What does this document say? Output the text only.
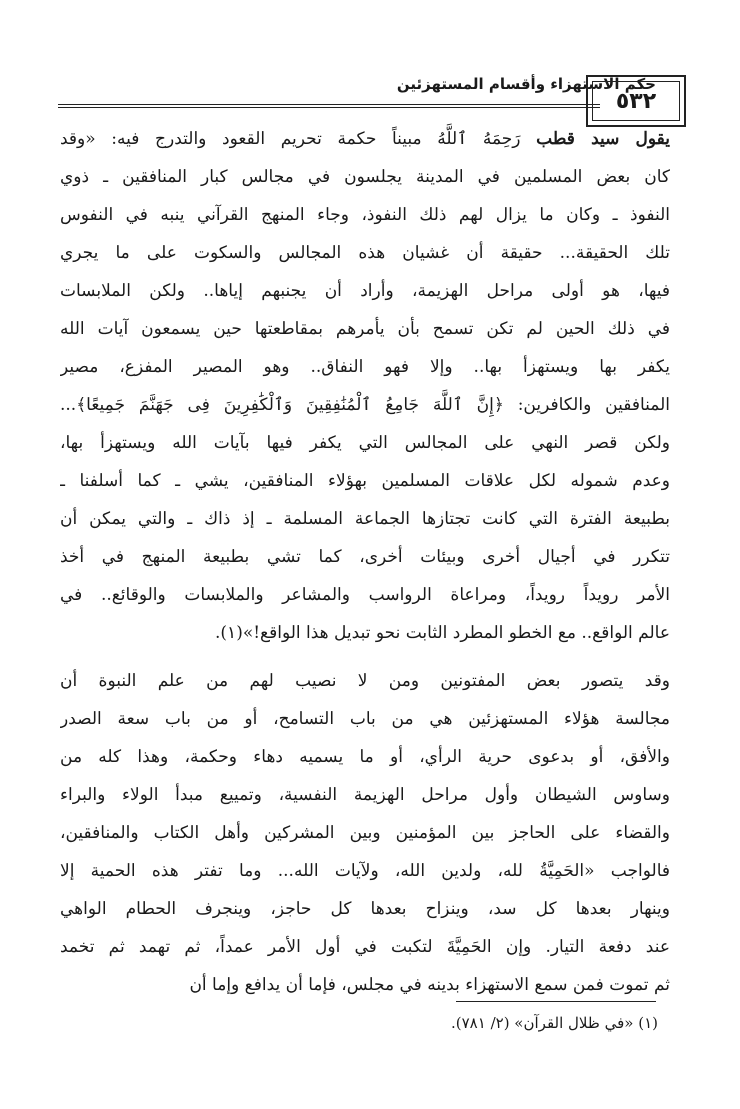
حكم الاستهزاء وأقسام المستهزئين
٥٣٢
يقول سيد قطب رَحِمَهُ ٱللَّهُ مبيناً حكمة تحريم القعود والتدرج فيه: «وقد
كان بعض المسلمين في المدينة يجلسون في مجالس كبار المنافقين ـ ذوي
النفوذ ـ وكان ما يزال لهم ذلك النفوذ، وجاء المنهج القرآني ينبه في النفوس
تلك الحقيقة... حقيقة أن غشيان هذه المجالس والسكوت على ما يجري
فيها، هو أولى مراحل الهزيمة، وأراد أن يجنبهم إياها.. ولكن الملابسات
في ذلك الحين لم تكن تسمح بأن يأمرهم بمقاطعتها حين يسمعون آيات الله
يكفر بها ويستهزأ بها.. وإلا فهو النفاق.. وهو المصير المفزع، مصير
المنافقين والكافرين: ﴿إِنَّ ٱللَّهَ جَامِعُ ٱلْمُنَٰفِقِينَ وَٱلْكَٰفِرِينَ فِى جَهَنَّمَ جَمِيعًا﴾...
ولكن قصر النهي على المجالس التي يكفر فيها بآيات الله ويستهزأ بها،
وعدم شموله لكل علاقات المسلمين بهؤلاء المنافقين، يشي ـ كما أسلفنا ـ
بطبيعة الفترة التي كانت تجتازها الجماعة المسلمة ـ إذ ذاك ـ والتي يمكن أن
تتكرر في أجيال أخرى وبيئات أخرى، كما تشي بطبيعة المنهج في أخذ
الأمر رويداً رويداً، ومراعاة الرواسب والمشاعر والملابسات والوقائع.. في
عالم الواقع.. مع الخطو المطرد الثابت نحو تبديل هذا الواقع!»(١).
وقد يتصور بعض المفتونين ومن لا نصيب لهم من علم النبوة أن
مجالسة هؤلاء المستهزئين هي من باب التسامح، أو من باب سعة الصدر
والأفق، أو بدعوى حرية الرأي، أو ما يسميه دهاء وحكمة، وهذا كله من
وساوس الشيطان وأول مراحل الهزيمة النفسية، وتمييع مبدأ الولاء والبراء
والقضاء على الحاجز بين المؤمنين وبين المشركين وأهل الكتاب والمنافقين،
فالواجب «الحَمِيَّةُ لله، ولدين الله، ولآيات الله... وما تفتر هذه الحمية إلا
وينهار بعدها كل سد، وينزاح بعدها كل حاجز، وينجرف الحطام الواهي
عند دفعة التيار. وإن الحَمِيَّةَ لتكبت في أول الأمر عمداً، ثم تهمد ثم تخمد
ثم تموت فمن سمع الاستهزاء بدينه في مجلس، فإما أن يدافع وإما أن
(١) «في ظلال القرآن» (٢/ ٧٨١).
